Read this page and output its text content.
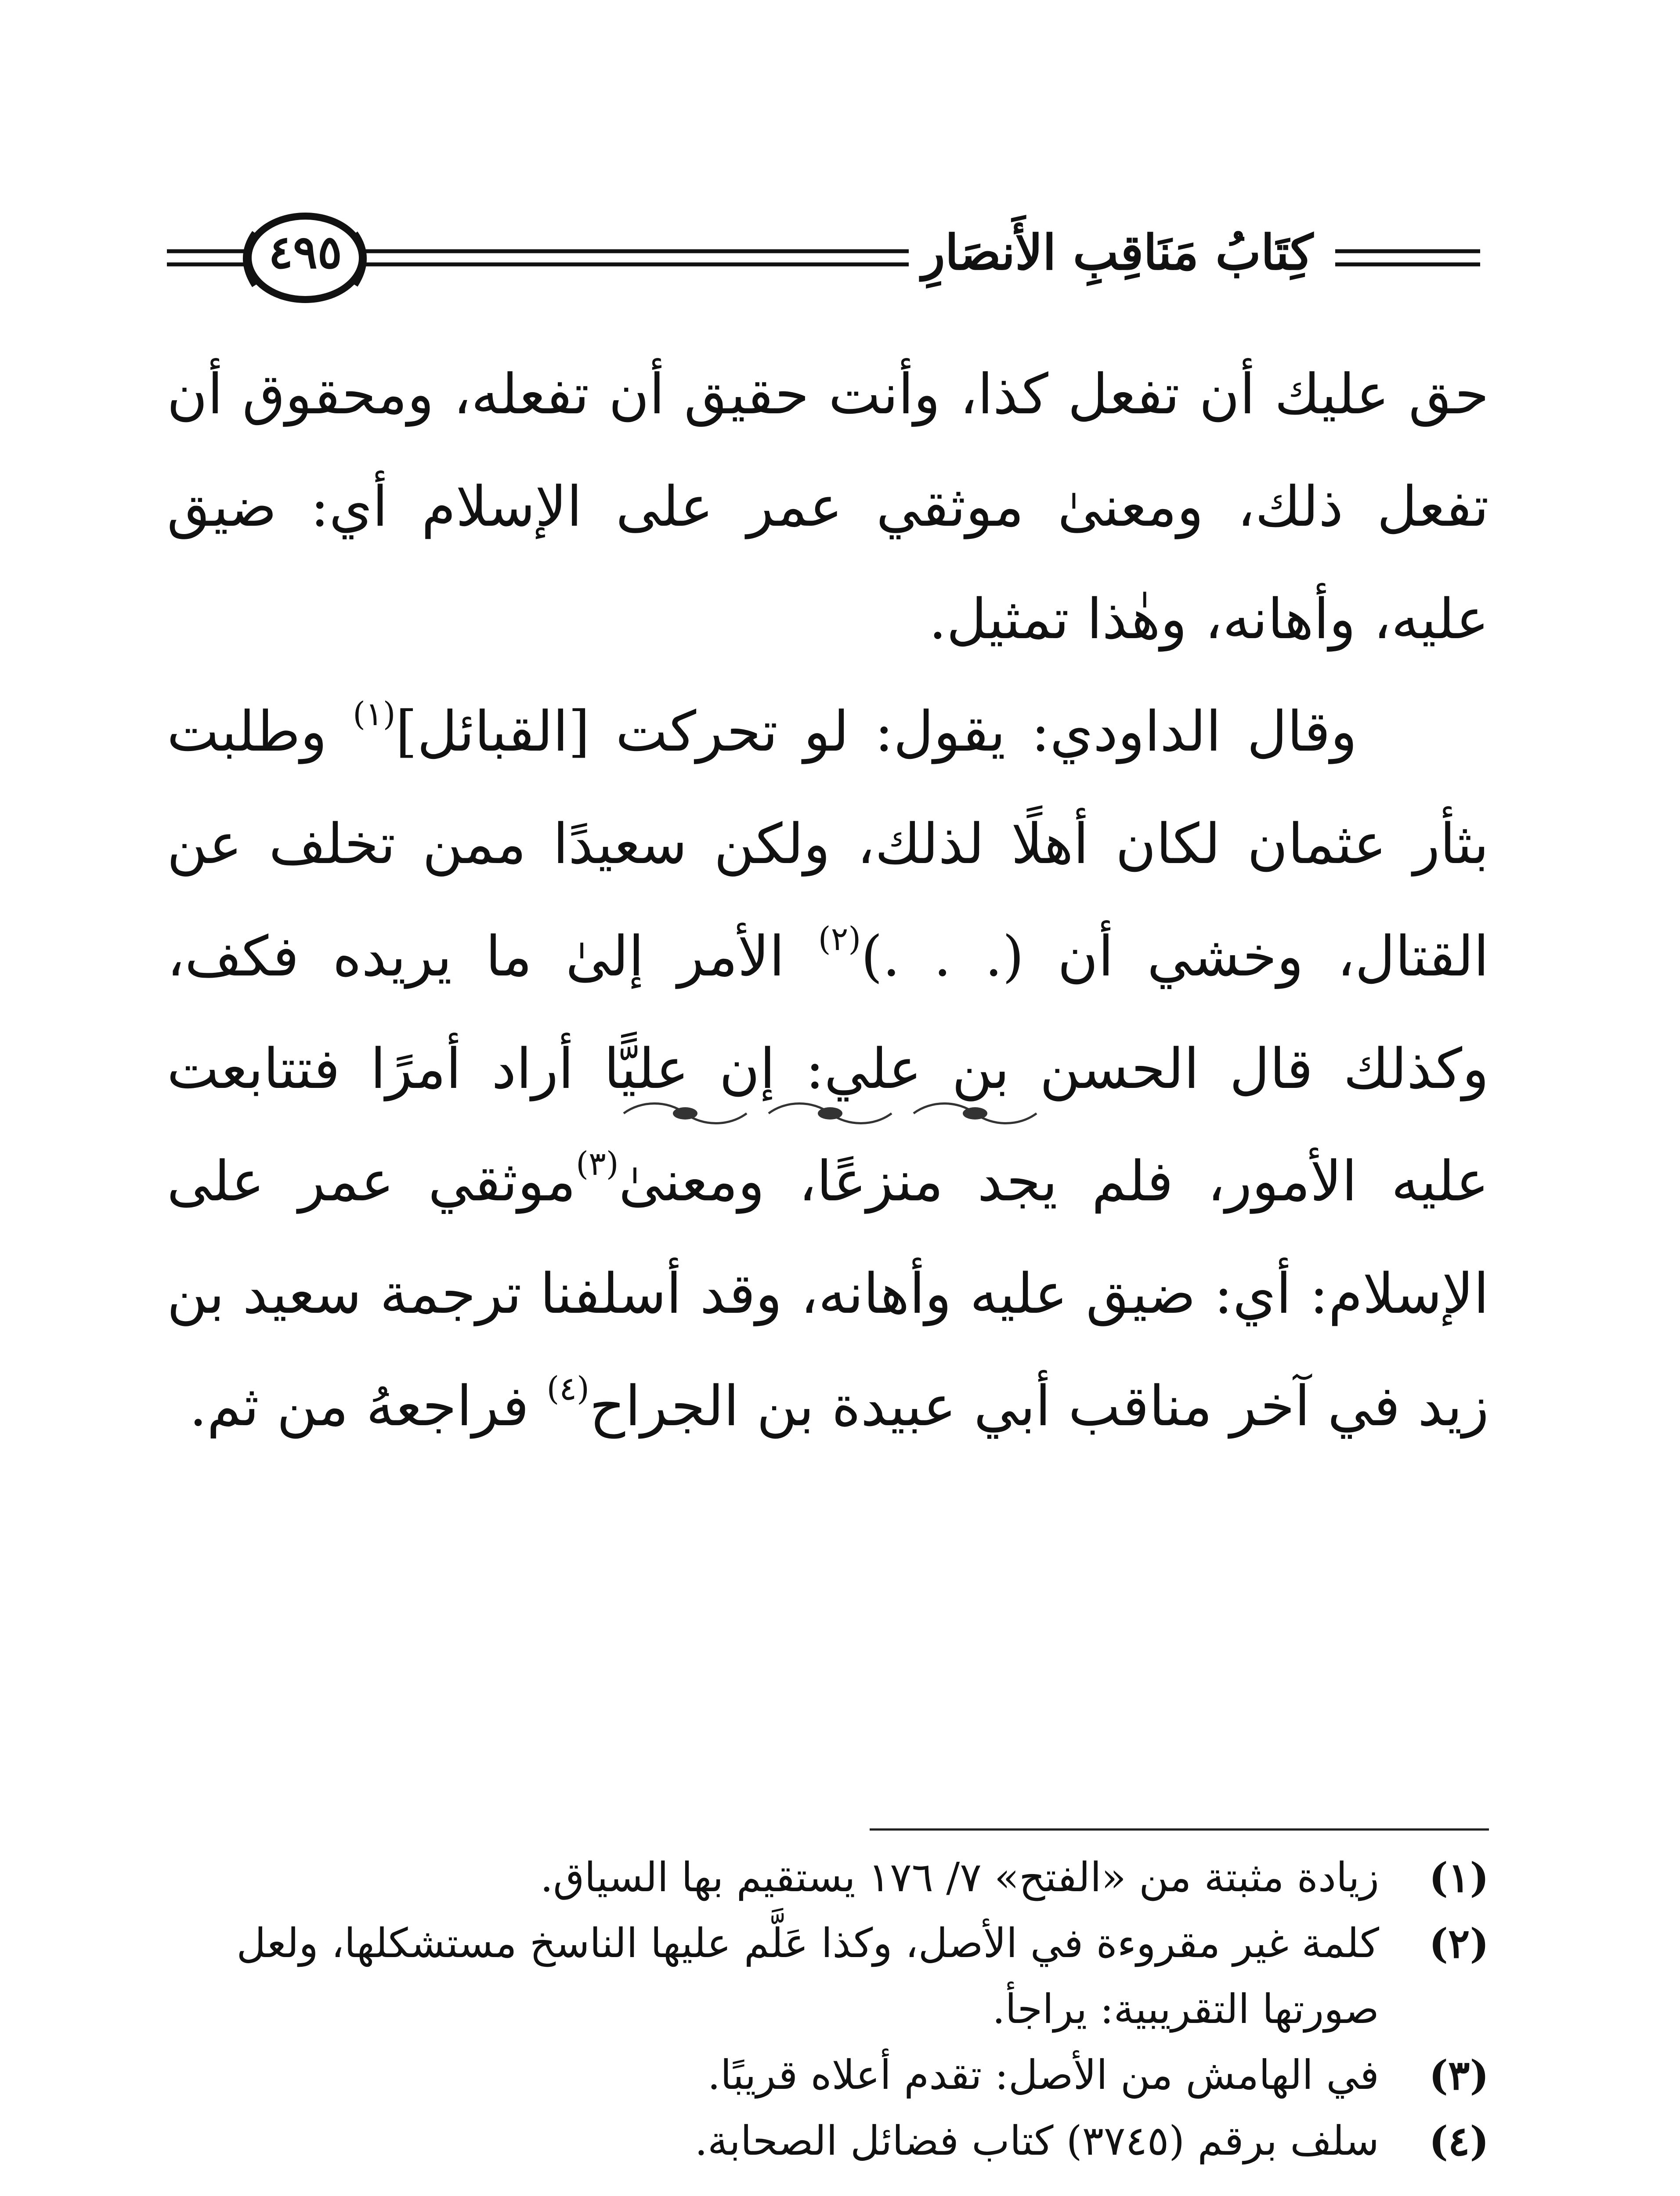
كِتَابُ مَنَاقِبِ الأَنصَارِ
٤٩٥

حق عليك أن تفعل كذا، وأنت حقيق أن تفعله، ومحقوق أن تفعل ذلك، ومعنىٰ موثقي عمر على الإسلام أي: ضيق عليه، وأهانه، وهٰذا تمثيل.

وقال الداودي: يقول: لو تحركت [القبائل]$^{(١)}$ وطلبت بثأر عثمان لكان أهلًا لذلك، ولكن سعيدًا ممن تخلف عن القتال، وخشي أن (. . .)$^{(٢)}$ الأمر إلىٰ ما يريده فكف، وكذلك قال الحسن بن علي: إن عليًّا أراد أمرًا فتتابعت عليه الأمور، فلم يجد منزعًا، ومعنىٰ$^{(٣)}$موثقي عمر على الإسلام: أي: ضيق عليه وأهانه، وقد أسلفنا ترجمة سعيد بن زيد في آخر مناقب أبي عبيدة بن الجراح$^{(٤)}$ فراجعهُ من ثم.

(١)
زيادة مثبتة من «الفتح» ٧/ ١٧٦ يستقيم بها السياق.
(٢)
كلمة غير مقروءة في الأصل، وكذا عَلَّم عليها الناسخ مستشكلها، ولعل صورتها التقريبية: يراجأ.
(٣)
في الهامش من الأصل: تقدم أعلاه قريبًا.
(٤)
سلف برقم (٣٧٤٥) كتاب فضائل الصحابة.
